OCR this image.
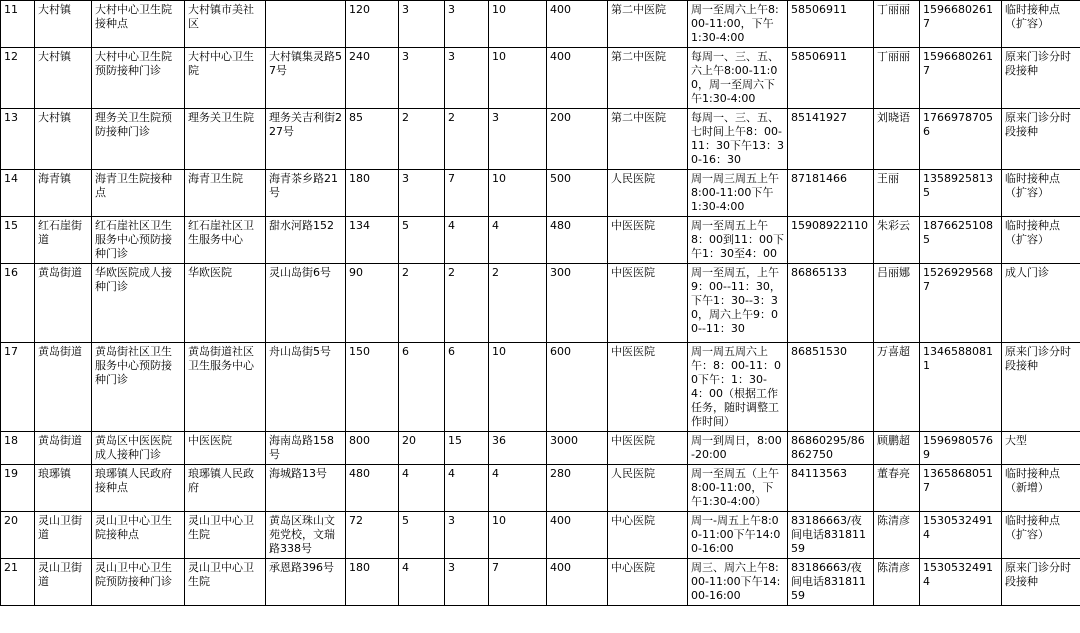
11	大村镇	大村中心卫生院接种点	大村镇市美社区		120	3	3	10	400	第二中医院	周一至周六上午8:00-11:00，下午1:30-4:00	58506911	丁丽丽	15966802617	临时接种点（扩容）
12	大村镇	大村中心卫生院预防接种门诊	大村中心卫生院	大村镇集灵路57号	240	3	3	10	400	第二中医院	每周一、三、五、六上午8:00-11:00，周一至周六下午1:30-4:00	58506911	丁丽丽	15966802617	原来门诊分时段接种
13	大村镇	理务关卫生院预防接种门诊	理务关卫生院	理务关吉利街227号	85	2	2	3	200	第二中医院	每周一、三、五、七时间上午8：00-11：30下午13：30-16：30	85141927	刘晓语	17669787056	原来门诊分时段接种
14	海青镇	海青卫生院接种点	海青卫生院	海青茶乡路21号	180	3	7	10	500	人民医院	周一周三周五上午8:00-11:00下午1:30-4:00	87181466	王丽	13589258135	临时接种点（扩容）
15	红石崖街道	红石崖社区卫生服务中心预防接种门诊	红石崖社区卫生服务中心	甜水河路152	134	5	4	4	480	中医医院	周一至周五上午8：00到11：00下午1：30至4：00	15908922110	朱彩云	18766251085	临时接种点（扩容）
16	黄岛街道	华欧医院成人接种门诊	华欧医院	灵山岛街6号	90	2	2	2	300	中医医院	周一至周五，上午9：00--11：30，下午1：30--3：30，周六上午9：00--11：30	86865133	吕丽娜	15269295687	成人门诊
17	黄岛街道	黄岛街社区卫生服务中心预防接种门诊	黄岛街道社区卫生服务中心	舟山岛街5号	150	6	6	10	600	中医医院	周一周五周六上午：8：00-11：00下午：1：30-4：00（根据工作任务，随时调整工作时间）	86851530	万喜超	13465880811	原来门诊分时段接种
18	黄岛街道	黄岛区中医医院成人接种门诊	中医医院	海南岛路158号	800	20	15	36	3000	中医医院	周一到周日，8:00-20:00	86860295/86862750	顾鹏超	15969805769	大型
19	琅琊镇	琅琊镇人民政府接种点	琅琊镇人民政府	海城路13号	480	4	4	4	280	人民医院	周一至周五（上午8:00-11:00，下午1:30-4:00）	84113563	董春亮	13658680517	临时接种点（新增）
20	灵山卫街道	灵山卫中心卫生院接种点	灵山卫中心卫生院	黄岛区珠山文苑党校，文瑞路338号	72	5	3	10	400	中心医院	周一-周五上午8:00-11:00下午14:00-16:00	83186663/夜间电话83181159	陈清彦	15305324914	临时接种点（扩容）
21	灵山卫街道	灵山卫中心卫生院预防接种门诊	灵山卫中心卫生院	承恩路396号	180	4	3	7	400	中心医院	周三、周六上午8:00-11:00下午14:00-16:00	83186663/夜间电话83181159	陈清彦	15305324914	原来门诊分时段接种
